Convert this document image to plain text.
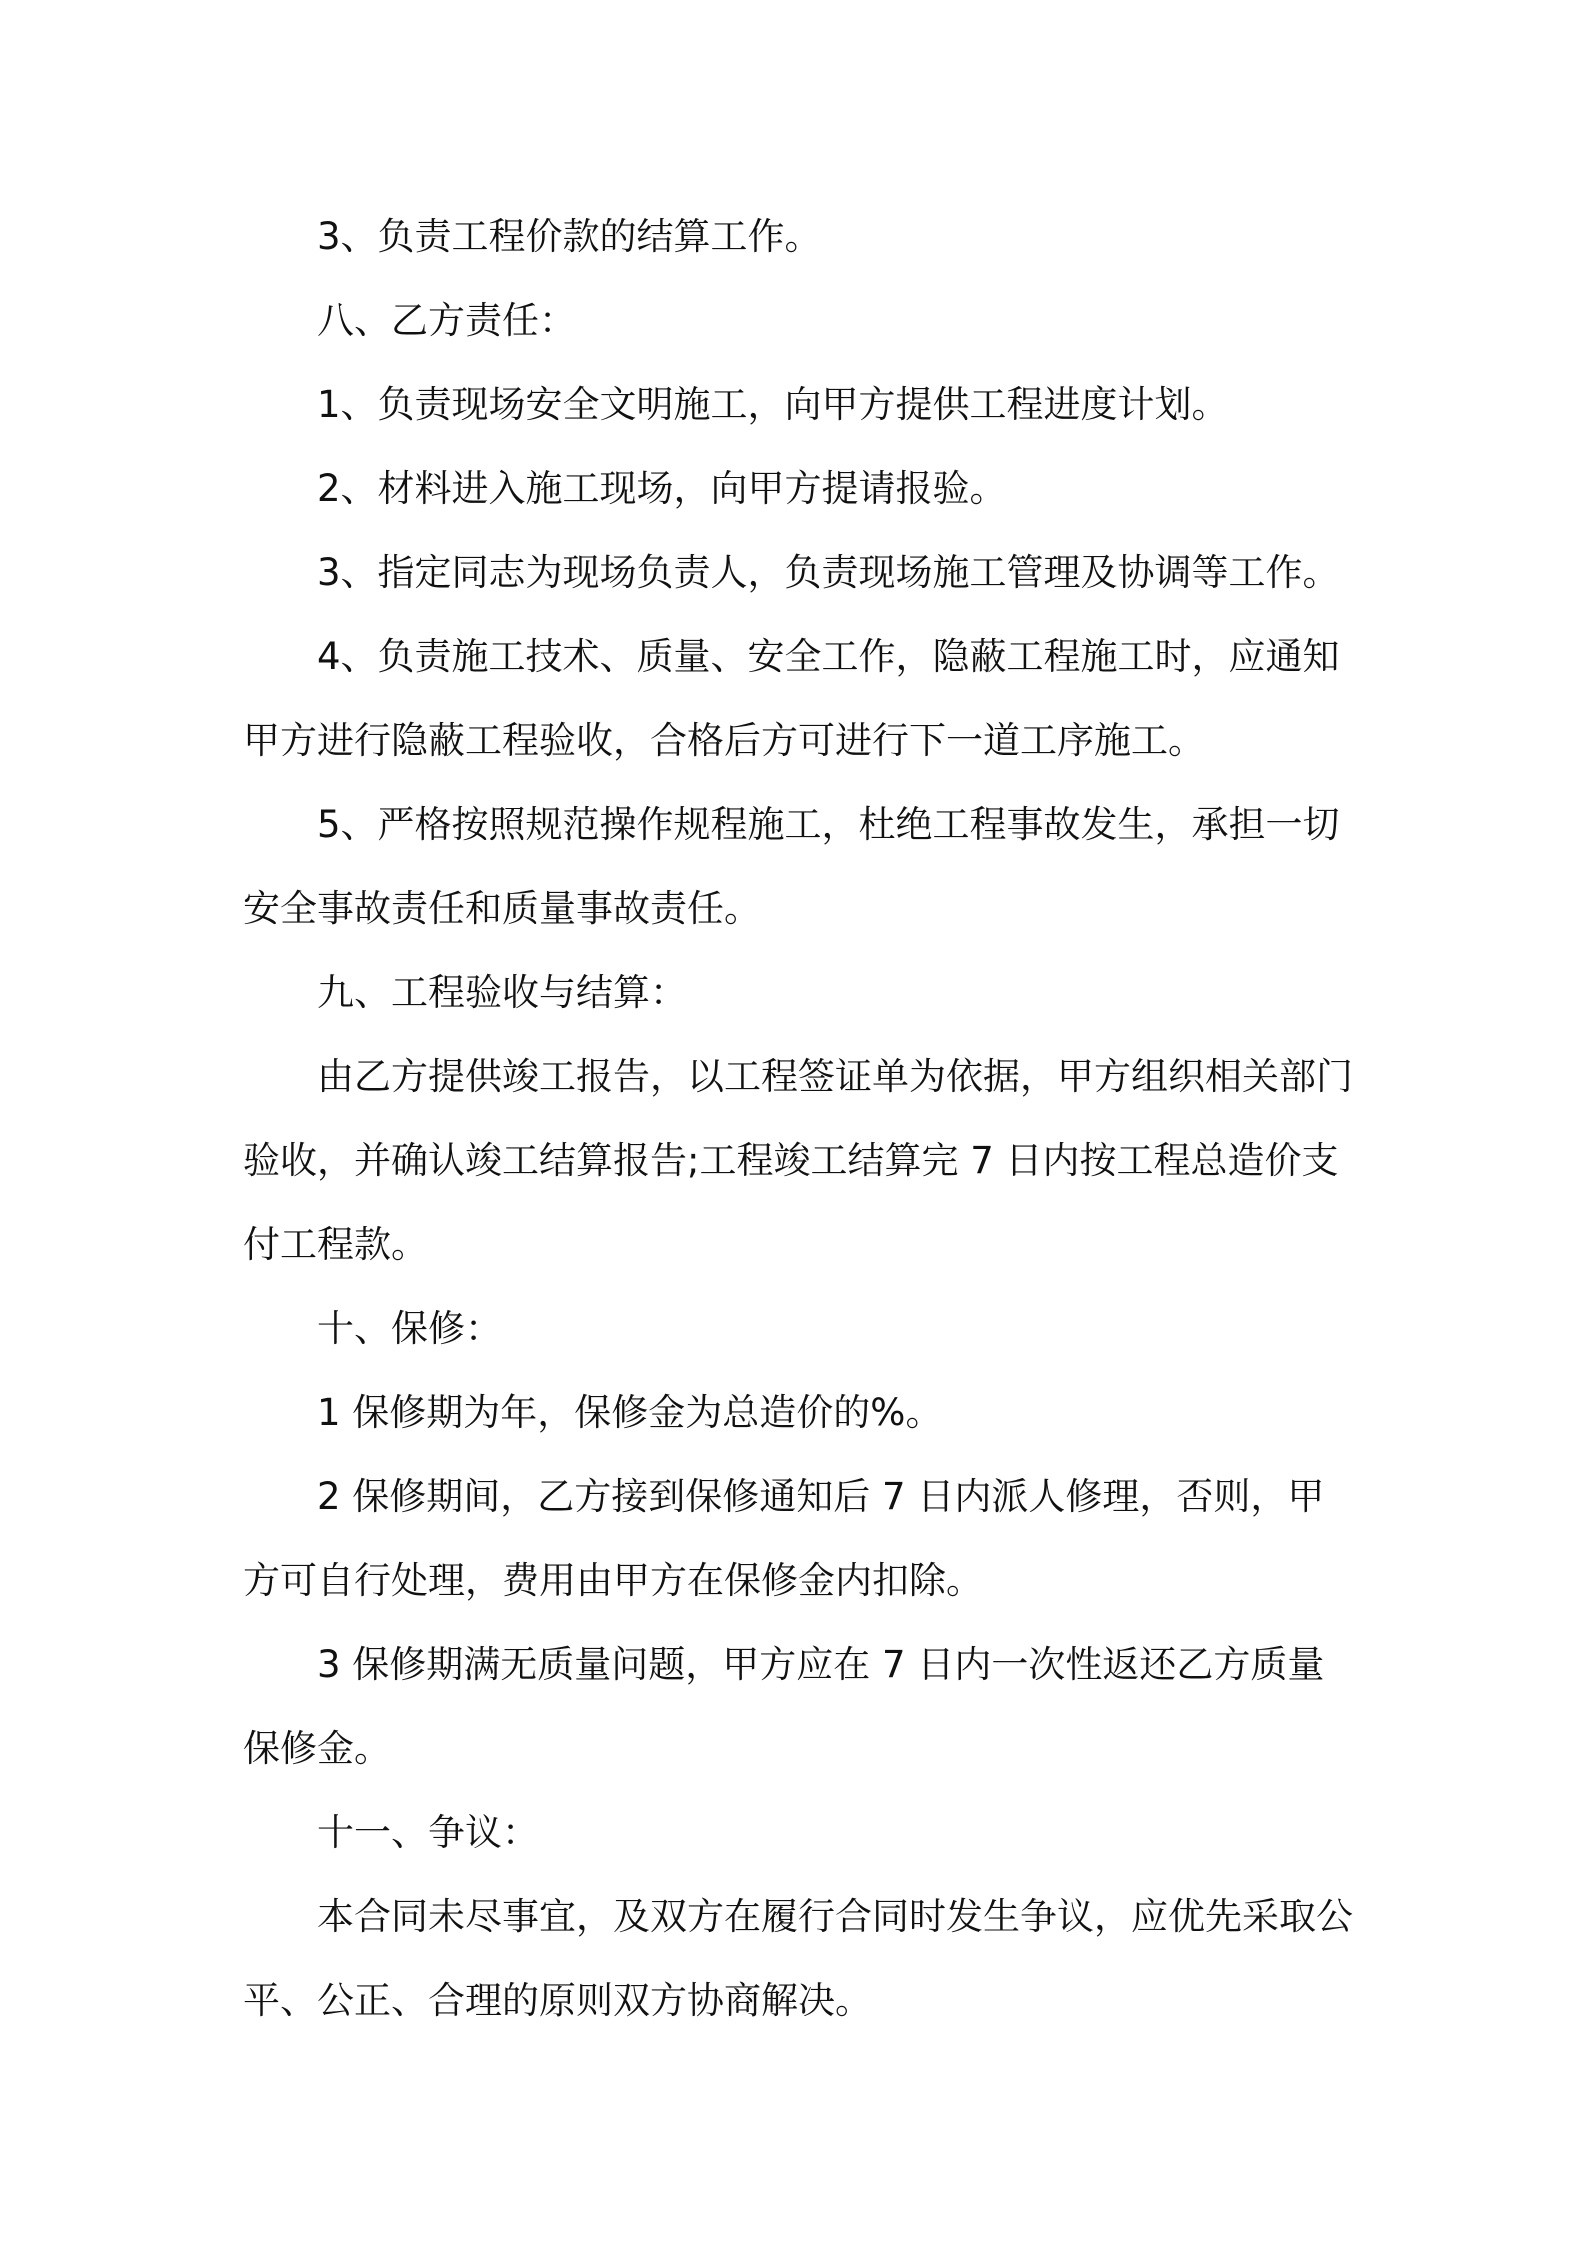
3、负责工程价款的结算工作。

八、乙方责任：

1、负责现场安全文明施工，向甲方提供工程进度计划。

2、材料进入施工现场，向甲方提请报验。

3、指定同志为现场负责人，负责现场施工管理及协调等工作。

4、负责施工技术、质量、安全工作，隐蔽工程施工时，应通知甲方进行隐蔽工程验收，合格后方可进行下一道工序施工。

5、严格按照规范操作规程施工，杜绝工程事故发生，承担一切安全事故责任和质量事故责任。

九、工程验收与结算：

由乙方提供竣工报告，以工程签证单为依据，甲方组织相关部门验收，并确认竣工结算报告;工程竣工结算完 7 日内按工程总造价支付工程款。

十、保修：

1 保修期为年，保修金为总造价的%。

2 保修期间，乙方接到保修通知后 7 日内派人修理，否则，甲方可自行处理，费用由甲方在保修金内扣除。

3 保修期满无质量问题，甲方应在 7 日内一次性返还乙方质量保修金。

十一、争议：

本合同未尽事宜，及双方在履行合同时发生争议，应优先采取公平、公正、合理的原则双方协商解决。
